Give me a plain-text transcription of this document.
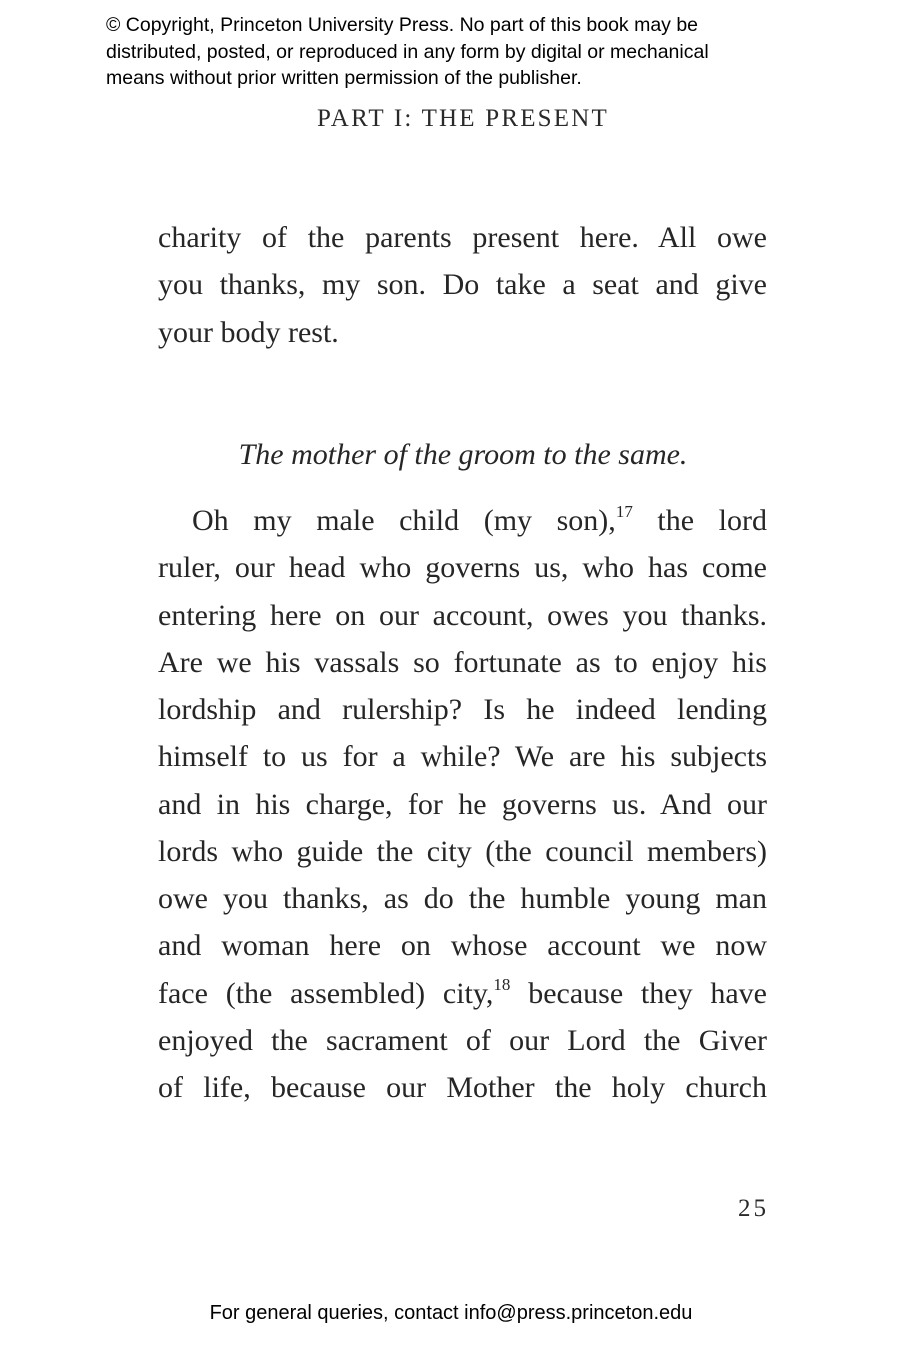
© Copyright, Princeton University Press. No part of this book may be
distributed, posted, or reproduced in any form by digital or mechanical
means without prior written permission of the publisher.
PART I: THE PRESENT
charity of the parents present here. All owe
you thanks, my son. Do take a seat and give
your body rest.
The mother of the groom to the same.
Oh my male child (my son),$^{17}$ the lord
ruler, our head who governs us, who has come
entering here on our account, owes you thanks.
Are we his vassals so fortunate as to enjoy his
lordship and rulership? Is he indeed lending
himself to us for a while? We are his subjects
and in his charge, for he governs us. And our
lords who guide the city (the council members)
owe you thanks, as do the humble young man
and woman here on whose account we now
face (the assembled) city,$^{18}$ because they have
enjoyed the sacrament of our Lord the Giver
of life, because our Mother the holy church
25
For general queries, contact info@press.princeton.edu
